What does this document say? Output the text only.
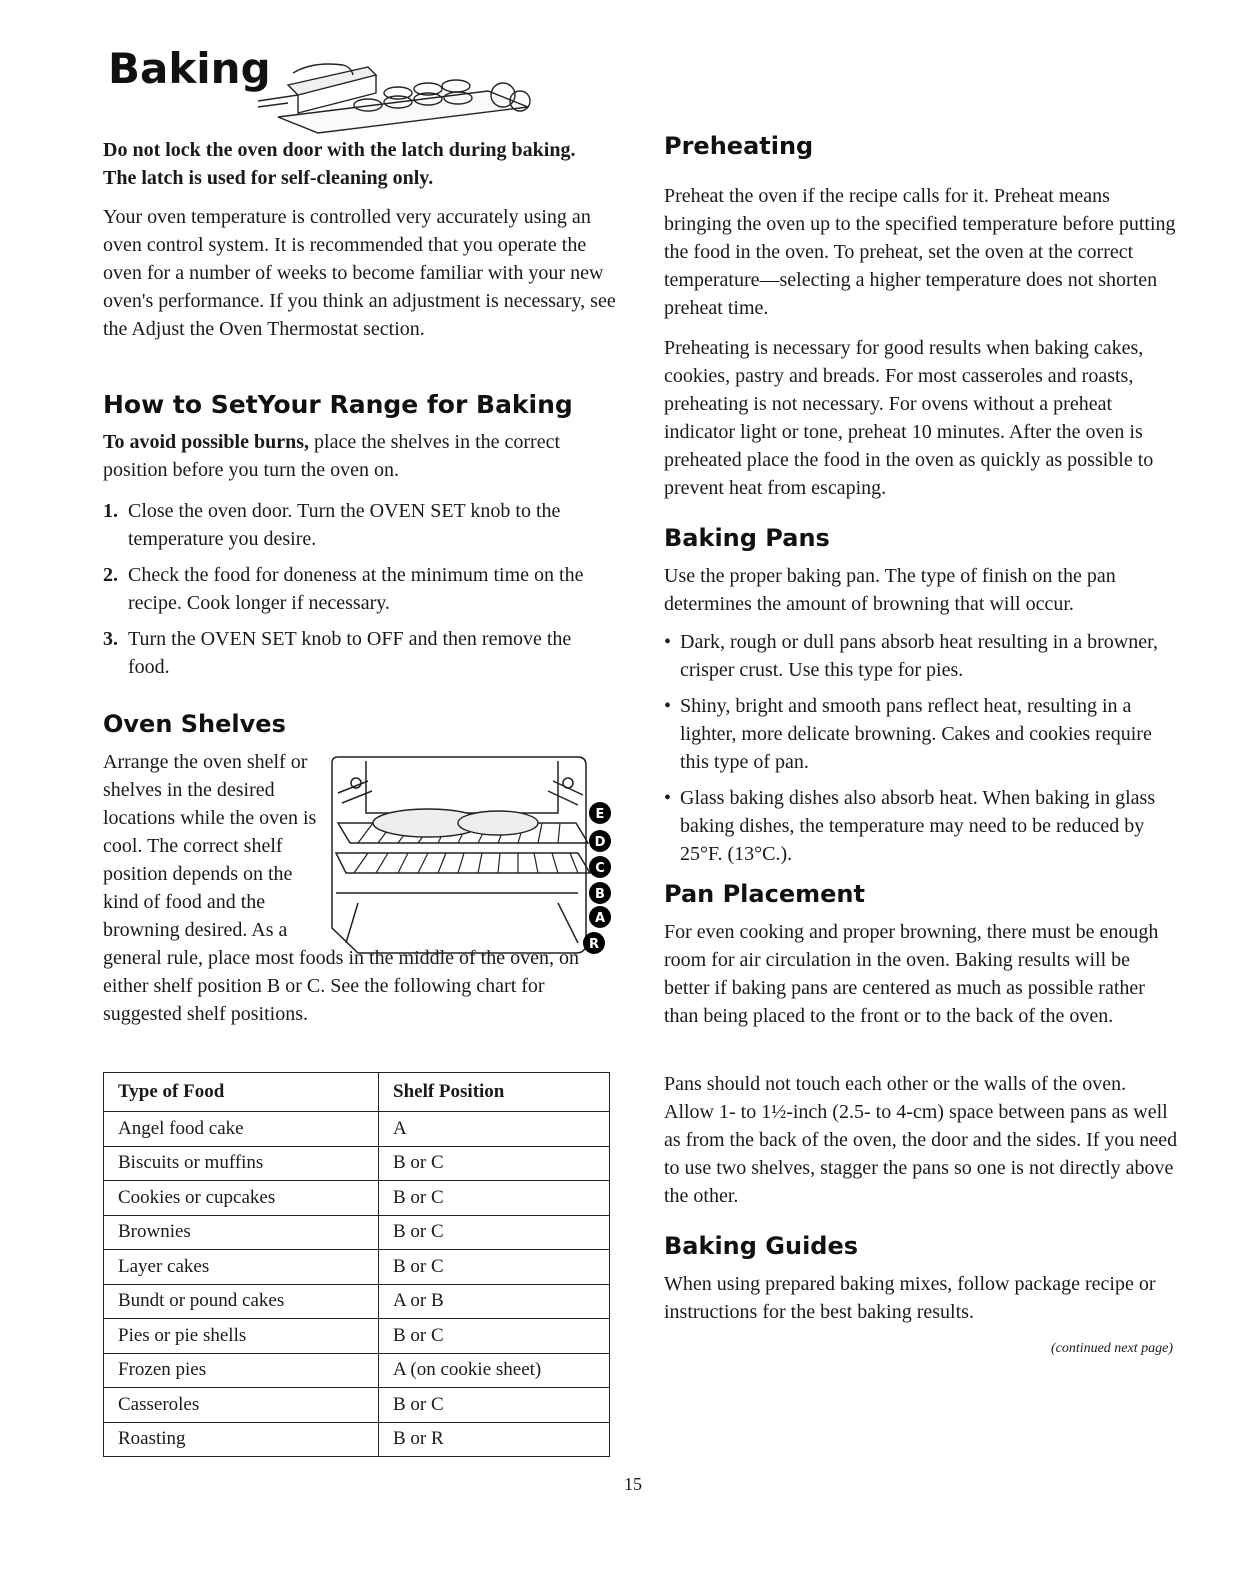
Baking

Do not lock the oven door with the latch during baking. The latch is used for self-cleaning only.

Your oven temperature is controlled very accurately using an oven control system. It is recommended that you operate the oven for a number of weeks to become familiar with your new oven's performance. If you think an adjustment is necessary, see the Adjust the Oven Thermostat section.

How to SetYour Range for Baking

To avoid possible burns, place the shelves in the correct position before you turn the oven on.

1. Close the oven door. Turn the OVEN SET knob to the temperature you desire.
2. Check the food for doneness at the minimum time on the recipe. Cook longer if necessary.
3. Turn the OVEN SET knob to OFF and then remove the food.
Oven Shelves

Arrange the oven shelf or shelves in the desired locations while the oven is cool. The correct shelf position depends on the kind of food and the browning desired. As a

general rule, place most foods in the middle of the oven, on either shelf position B or C. See the following chart for suggested shelf positions.

E
D
C
B
A
R
Type of Food	Shelf Position
Angel food cake	A
Biscuits or muffins	B or C
Cookies or cupcakes	B or C
Brownies	B or C
Layer cakes	B or C
Bundt or pound cakes	A or B
Pies or pie shells	B or C
Frozen pies	A (on cookie sheet)
Casseroles	B or C
Roasting	B or R
Preheating

Preheat the oven if the recipe calls for it. Preheat means bringing the oven up to the specified temperature before putting the food in the oven. To preheat, set the oven at the correct temperature—selecting a higher temperature does not shorten preheat time.

Preheating is necessary for good results when baking cakes, cookies, pastry and breads. For most casseroles and roasts, preheating is not necessary. For ovens without a preheat indicator light or tone, preheat 10 minutes. After the oven is preheated place the food in the oven as quickly as possible to prevent heat from escaping.

Baking Pans

Use the proper baking pan. The type of finish on the pan determines the amount of browning that will occur.

• Dark, rough or dull pans absorb heat resulting in a browner, crisper crust. Use this type for pies.
• Shiny, bright and smooth pans reflect heat, resulting in a lighter, more delicate browning. Cakes and cookies require this type of pan.
• Glass baking dishes also absorb heat. When baking in glass baking dishes, the temperature may need to be reduced by 25°F. (13°C.).
Pan Placement

For even cooking and proper browning, there must be enough room for air circulation in the oven. Baking results will be better if baking pans are centered as much as possible rather than being placed to the front or to the back of the oven.

Pans should not touch each other or the walls of the oven. Allow 1- to 1½-inch (2.5- to 4-cm) space between pans as well as from the back of the oven, the door and the sides. If you need to use two shelves, stagger the pans so one is not directly above the other.

Baking Guides

When using prepared baking mixes, follow package recipe or instructions for the best baking results.

(continued next page)
15
